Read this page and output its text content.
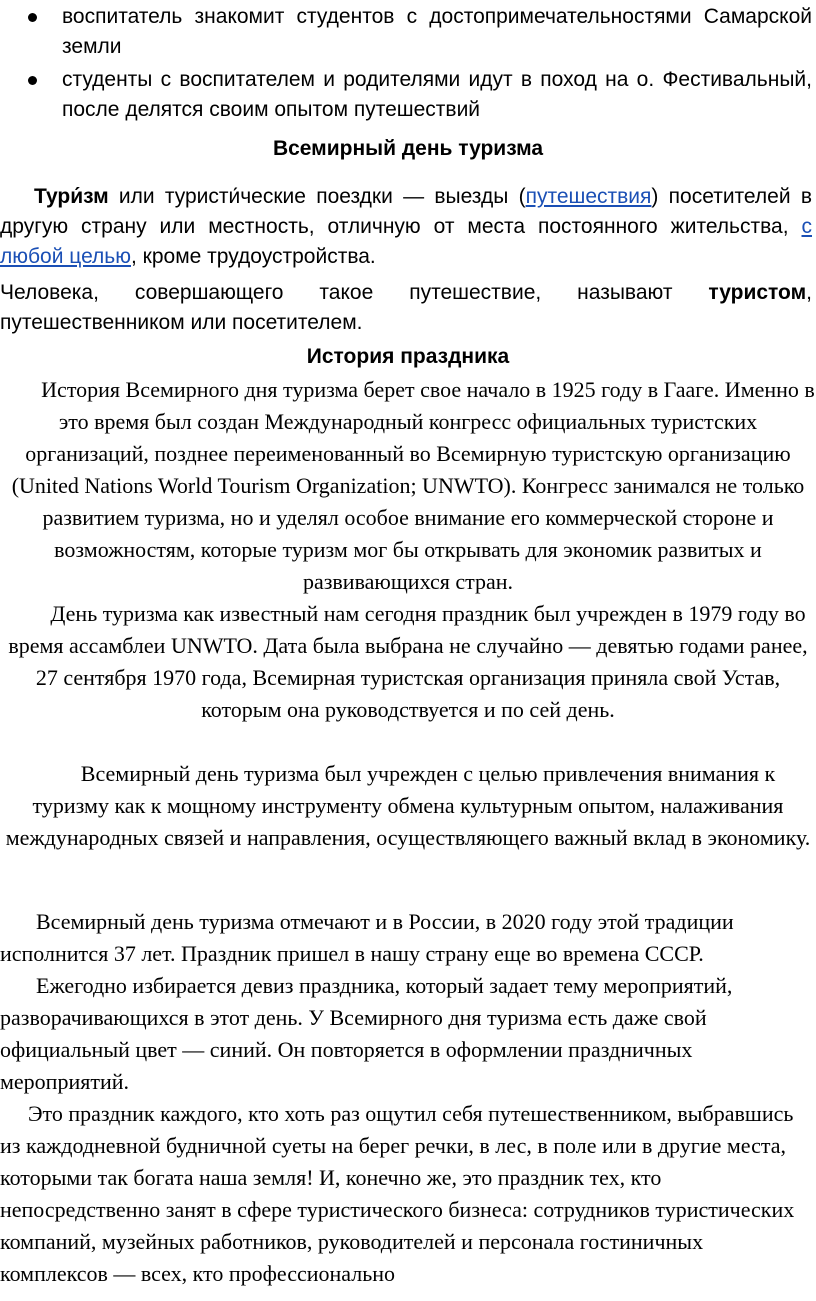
воспитатель знакомит студентов с достопримечательностями Самарской земли
студенты с воспитателем и родителями идут в поход на о. Фестивальный, после делятся своим опытом путешествий
Всемирный день туризма
Тури́зм или туристи́ческие поездки — выезды (путешествия) посетителей в другую страну или местность, отличную от места постоянного жительства, с любой целью, кроме трудоустройства.
Человека, совершающего такое путешествие, называют туристом, путешественником или посетителем.
История праздника
История Всемирного дня туризма берет свое начало в 1925 году в Гааге. Именно в это время был создан Международный конгресс официальных туристских организаций, позднее переименованный во Всемирную туристскую организацию (United Nations World Tourism Organization; UNWTO). Конгресс занимался не только развитием туризма, но и уделял особое внимание его коммерческой стороне и возможностям, которые туризм мог бы открывать для экономик развитых и развивающихся стран.
День туризма как известный нам сегодня праздник был учрежден в 1979 году во время ассамблеи UNWTO. Дата была выбрана не случайно — девятью годами ранее, 27 сентября 1970 года, Всемирная туристская организация приняла свой Устав, которым она руководствуется и по сей день.
Всемирный день туризма был учрежден с целью привлечения внимания к туризму как к мощному инструменту обмена культурным опытом, налаживания международных связей и направления, осуществляющего важный вклад в экономику.
Всемирный день туризма отмечают и в России, в 2020 году этой традиции исполнится 37 лет. Праздник пришел в нашу страну еще во времена СССР.
Ежегодно избирается девиз праздника, который задает тему мероприятий, разворачивающихся в этот день. У Всемирного дня туризма есть даже свой официальный цвет — синий. Он повторяется в оформлении праздничных мероприятий.
Это праздник каждого, кто хоть раз ощутил себя путешественником, выбравшись из каждодневной будничной суеты на берег речки, в лес, в поле или в другие места, которыми так богата наша земля! И, конечно же, это праздник тех, кто непосредственно занят в сфере туристического бизнеса: сотрудников туристических компаний, музейных работников, руководителей и персонала гостиничных комплексов — всех, кто профессионально
